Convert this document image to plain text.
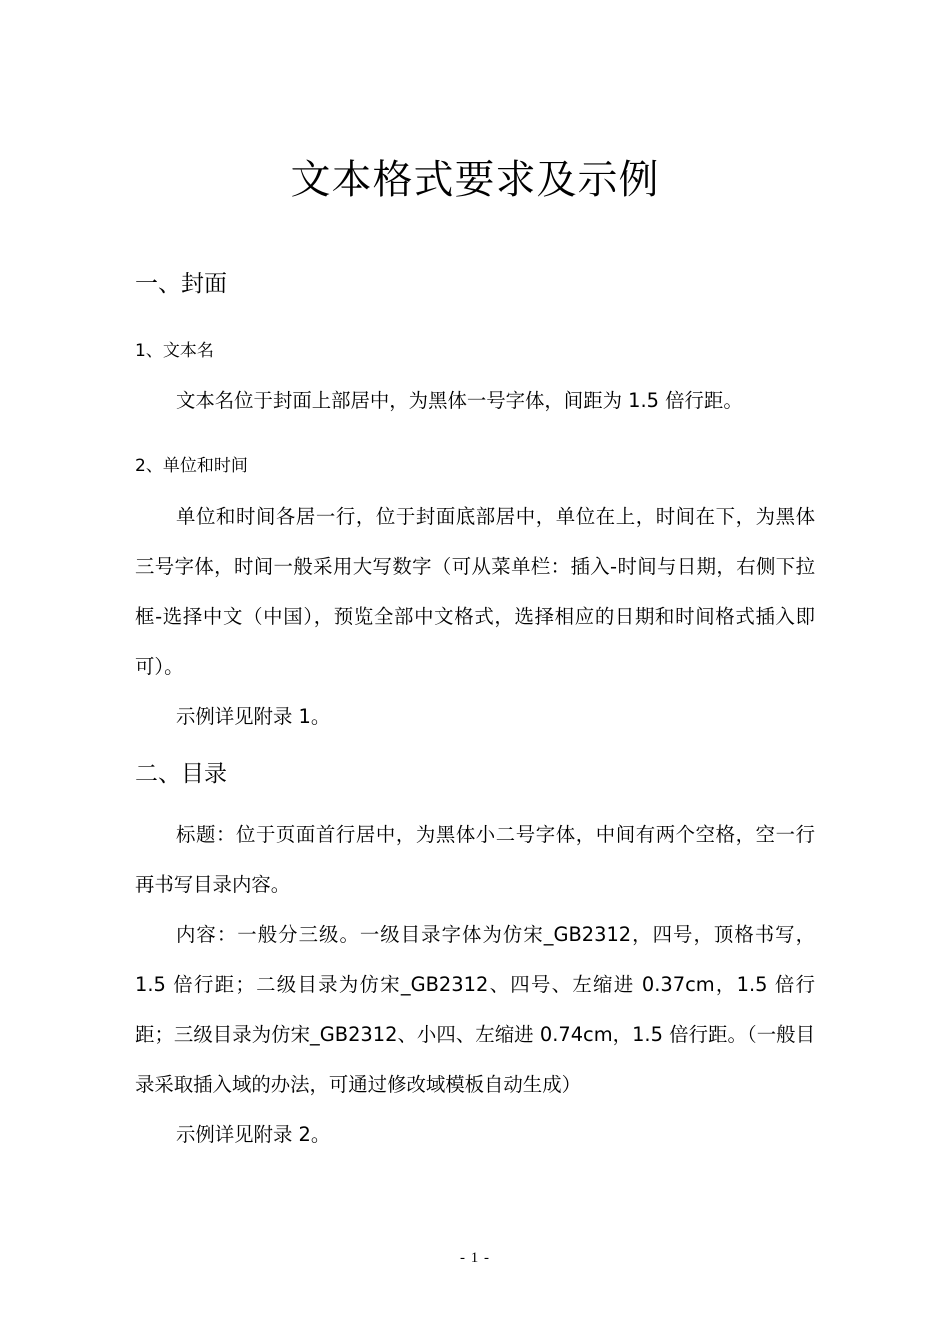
文本格式要求及示例
一、封面
1、文本名
文本名位于封面上部居中，为黑体一号字体，间距为 1.5 倍行距。
2、单位和时间
单位和时间各居一行，位于封面底部居中，单位在上，时间在下，为黑体三号字体，时间一般采用大写数字（可从菜单栏：插入-时间与日期，右侧下拉框-选择中文（中国），预览全部中文格式，选择相应的日期和时间格式插入即可）。
示例详见附录 1。
二、目录
标题：位于页面首行居中，为黑体小二号字体，中间有两个空格，空一行再书写目录内容。
内容：一般分三级。一级目录字体为仿宋_GB2312，四号，顶格书写，1.5 倍行距；二级目录为仿宋_GB2312、四号、左缩进 0.37cm，1.5 倍行距；三级目录为仿宋_GB2312、小四、左缩进 0.74cm，1.5 倍行距。（一般目录采取插入域的办法，可通过修改域模板自动生成）
示例详见附录 2。
- 1 -
